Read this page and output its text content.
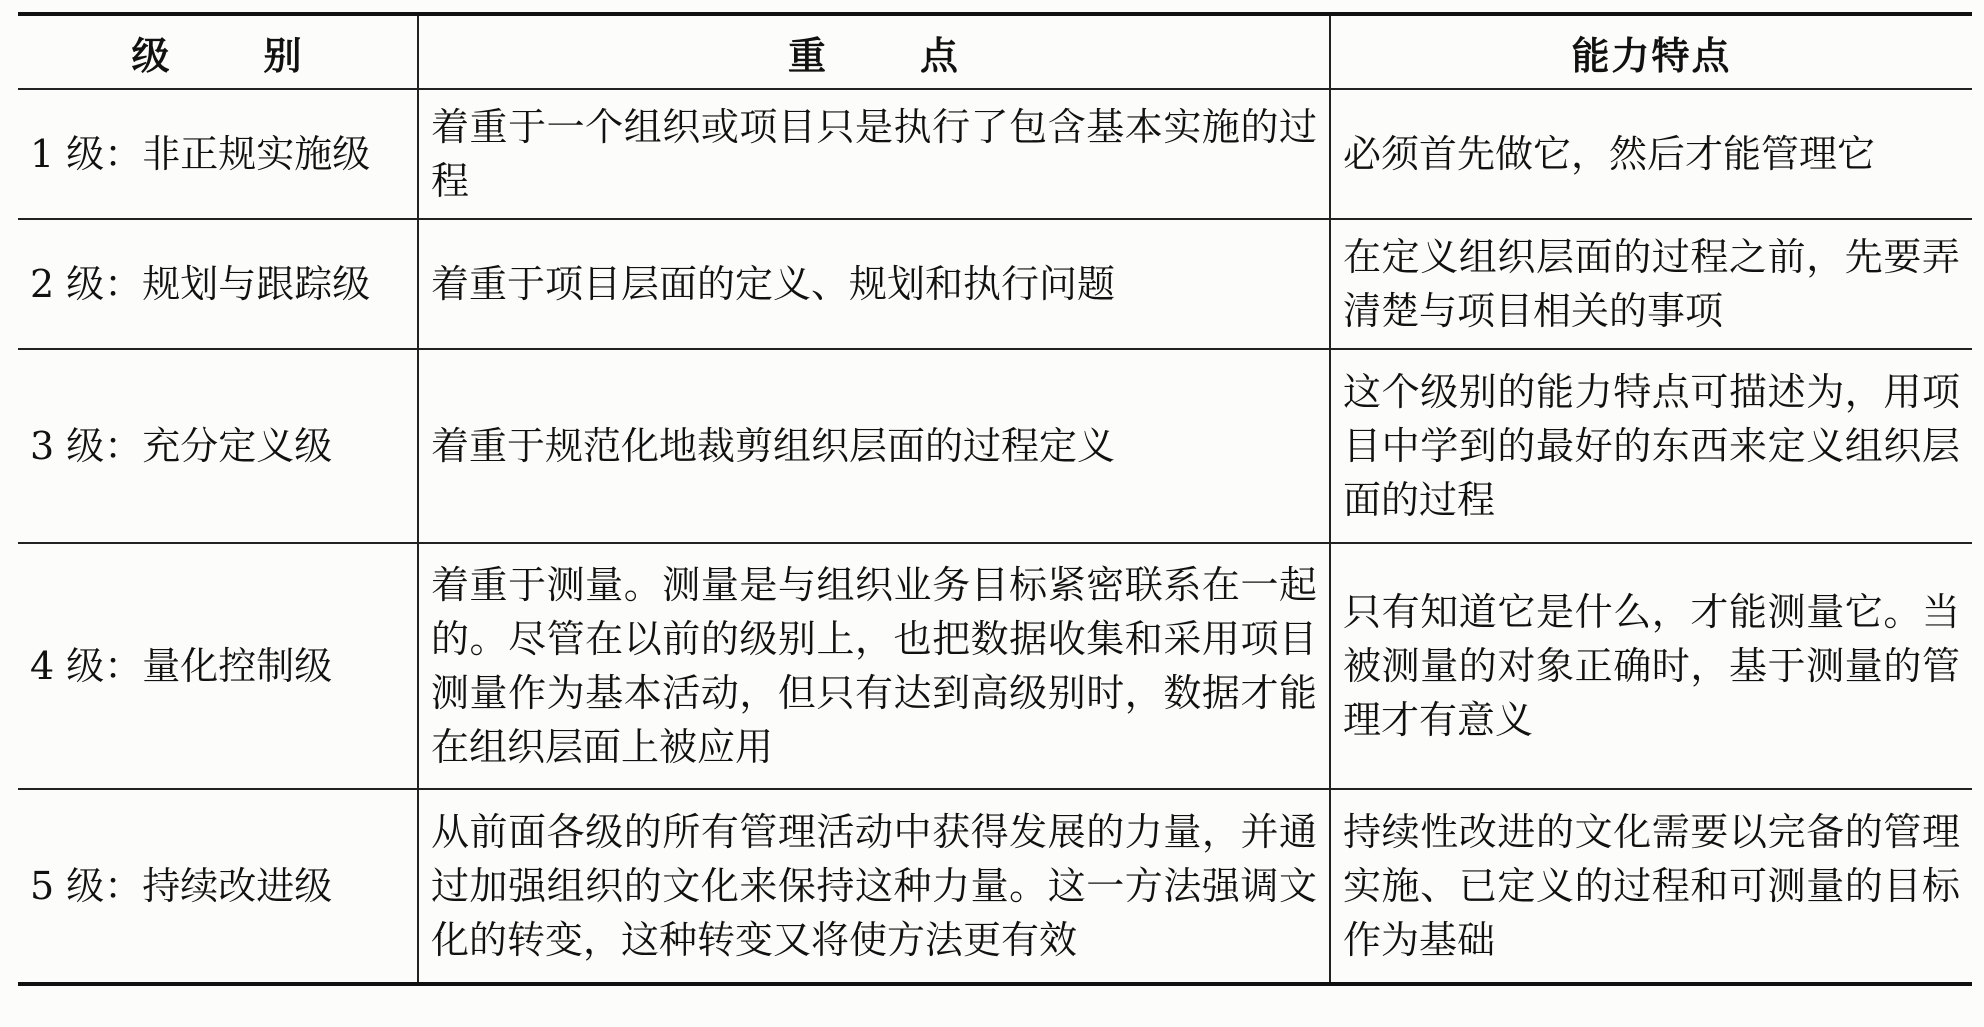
级 别	重 点	能力特点
1 级：非正规实施级	着重于一个组织或项目只是执行了包含基本实施的过程	必须首先做它，然后才能管理它
2 级：规划与跟踪级	着重于项目层面的定义、规划和执行问题	在定义组织层面的过程之前，先要弄清楚与项目相关的事项
3 级：充分定义级	着重于规范化地裁剪组织层面的过程定义	这个级别的能力特点可描述为，用项目中学到的最好的东西来定义组织层面的过程
4 级：量化控制级	着重于测量。测量是与组织业务目标紧密联系在一起的。尽管在以前的级别上，也把数据收集和采用项目测量作为基本活动，但只有达到高级别时，数据才能在组织层面上被应用	只有知道它是什么，才能测量它。当被测量的对象正确时，基于测量的管理才有意义
5 级：持续改进级	从前面各级的所有管理活动中获得发展的力量，并通过加强组织的文化来保持这种力量。这一方法强调文化的转变，这种转变又将使方法更有效	持续性改进的文化需要以完备的管理实施、已定义的过程和可测量的目标作为基础
